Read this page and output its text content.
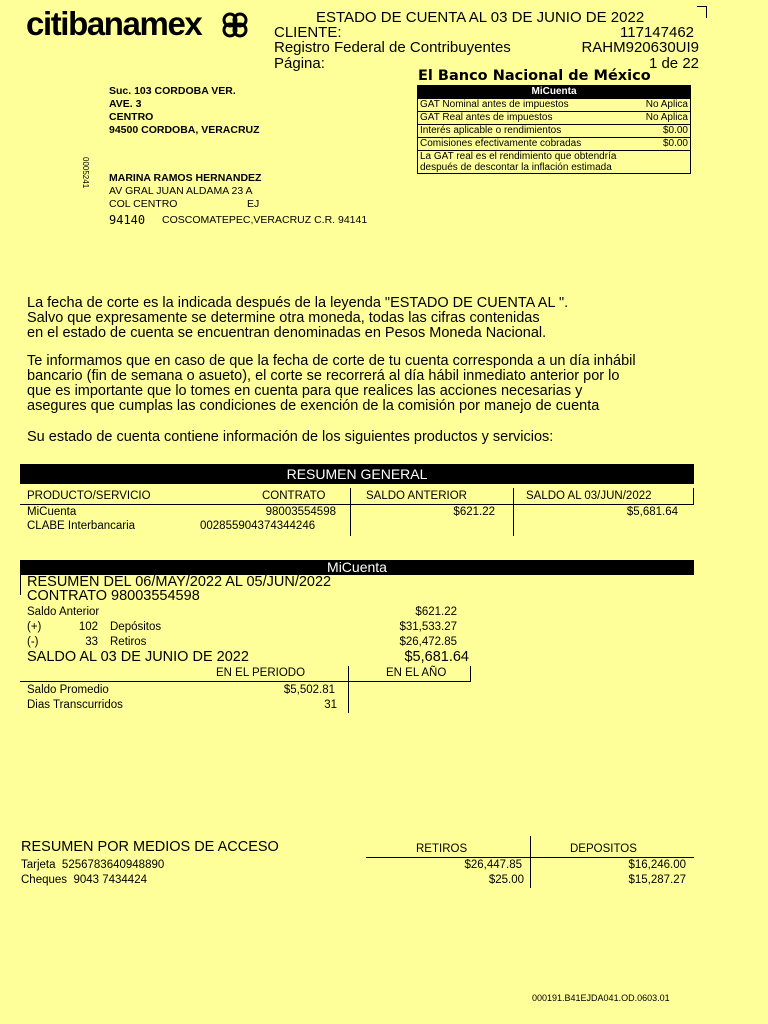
citibanamex	ESTADO DE CUENTA AL 03 DE JUNIO DE 2022
CLIENTE:	117147462
Registro Federal de Contribuyentes	RAHM920630UI9
Página:	1 de 22
El Banco Nacional de México
MiCuenta
GAT Nominal antes de impuestos	No Aplica
GAT Real antes de impuestos	No Aplica
Interés aplicable o rendimientos	$0.00
Comisiones efectivamente cobradas	$0.00
La GAT real es el rendimiento que obtendría
después de descontar la inflación estimada
Suc. 103 CORDOBA VER.
AVE. 3
CENTRO
94500 CORDOBA, VERACRUZ
0005241 MARINA RAMOS HERNANDEZ
AV GRAL JUAN ALDAMA 23 A
COL CENTRO	EJ
94140 COSCOMATEPEC,VERACRUZ C.R. 94141
La fecha de corte es la indicada después de la leyenda "ESTADO DE CUENTA AL ".
Salvo que expresamente se determine otra moneda, todas las cifras contenidas
en el estado de cuenta se encuentran denominadas en Pesos Moneda Nacional.
Te informamos que en caso de que la fecha de corte de tu cuenta corresponda a un día inhábil
bancario (fin de semana o asueto), el corte se recorrerá al día hábil inmediato anterior por lo
que es importante que lo tomes en cuenta para que realices las acciones necesarias y
asegures que cumplas las condiciones de exención de la comisión por manejo de cuenta
Su estado de cuenta contiene información de los siguientes productos y servicios:
RESUMEN GENERAL
PRODUCTO/SERVICIO	CONTRATO	SALDO ANTERIOR	SALDO AL 03/JUN/2022
MiCuenta	98003554598	$621.22	$5,681.64
CLABE Interbancaria	002855904374344246
MiCuenta
RESUMEN DEL 06/MAY/2022 AL 05/JUN/2022
CONTRATO 98003554598
Saldo Anterior	$621.22
(+)	102 Depósitos	$31,533.27
(-)	33 Retiros	$26,472.85
SALDO AL 03 DE JUNIO DE 2022	$5,681.64
EN EL PERIODO	EN EL AÑO
Saldo Promedio	$5,502.81
Dias Transcurridos	31
RESUMEN POR MEDIOS DE ACCESO	RETIROS	DEPOSITOS
Tarjeta 5256783640948890	$26,447.85	$16,246.00
Cheques 9043 7434424	$25.00	$15,287.27
000191.B41EJDA041.OD.0603.01
